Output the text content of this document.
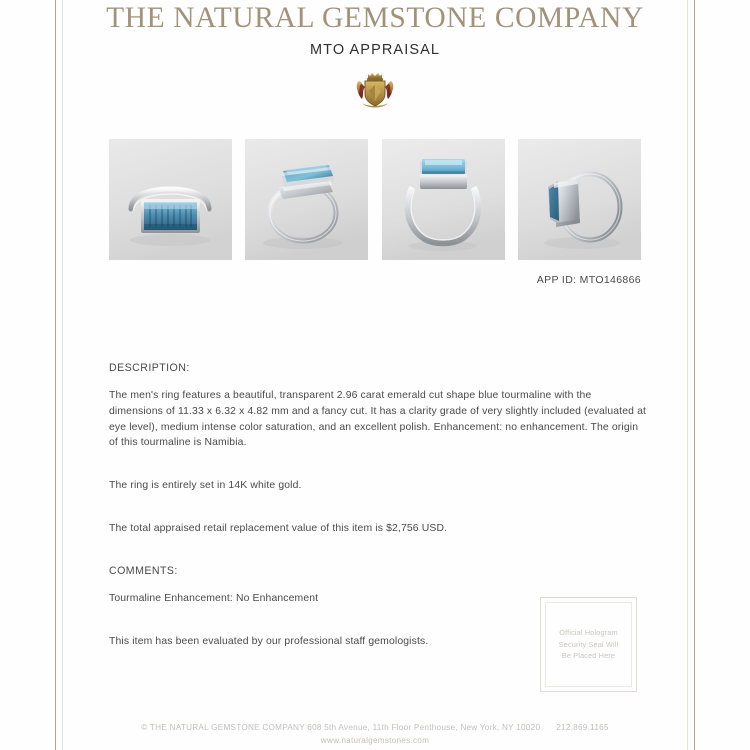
THE NATURAL GEMSTONE COMPANY

MTO APPRAISAL

APP ID: MTO146866

DESCRIPTION:

The men's ring features a beautiful, transparent 2.96 carat emerald cut shape blue tourmaline with the dimensions of 11.33 x 6.32 x 4.82 mm and a fancy cut. It has a clarity grade of very slightly included (evaluated at eye level), medium intense color saturation, and an excellent polish. Enhancement: no enhancement. The origin of this tourmaline is Namibia.

The ring is entirely set in 14K white gold.

The total appraised retail replacement value of this item is $2,756 USD.

COMMENTS:

Tourmaline Enhancement: No Enhancement

This item has been evaluated by our professional staff gemologists.

Official Hologram
Security Seal Will
Be Placed Here
© THE NATURAL GEMSTONE COMPANY 608 5th Avenue, 11th Floor Penthouse, New York, NY 10020 212.869.1165
www.naturalgemstones.com
